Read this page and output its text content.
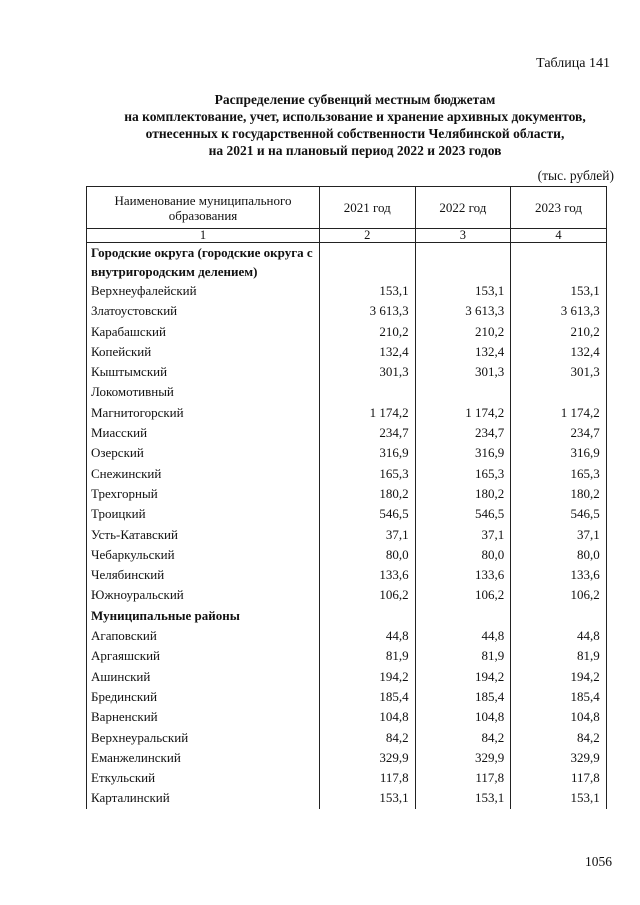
Таблица 141
Распределение субвенций местным бюджетам
на комплектование, учет, использование и хранение архивных документов,
отнесенных к государственной собственности Челябинской области,
на 2021 и на плановый период 2022 и 2023 годов
(тыс. рублей)
Наименование муниципального образования	2021 год	2022 год	2023 год
1	2	3	4
Городские округа (городские округа с внутригородским делением)			
Верхнеуфалейский	153,1	153,1	153,1
Златоустовский	3 613,3	3 613,3	3 613,3
Карабашский	210,2	210,2	210,2
Копейский	132,4	132,4	132,4
Кыштымский	301,3	301,3	301,3
Локомотивный			
Магнитогорский	1 174,2	1 174,2	1 174,2
Миасский	234,7	234,7	234,7
Озерский	316,9	316,9	316,9
Снежинский	165,3	165,3	165,3
Трехгорный	180,2	180,2	180,2
Троицкий	546,5	546,5	546,5
Усть-Катавский	37,1	37,1	37,1
Чебаркульский	80,0	80,0	80,0
Челябинский	133,6	133,6	133,6
Южноуральский	106,2	106,2	106,2
Муниципальные районы			
Агаповский	44,8	44,8	44,8
Аргаяшский	81,9	81,9	81,9
Ашинский	194,2	194,2	194,2
Брединский	185,4	185,4	185,4
Варненский	104,8	104,8	104,8
Верхнеуральский	84,2	84,2	84,2
Еманжелинский	329,9	329,9	329,9
Еткульский	117,8	117,8	117,8
Карталинский	153,1	153,1	153,1
1056
